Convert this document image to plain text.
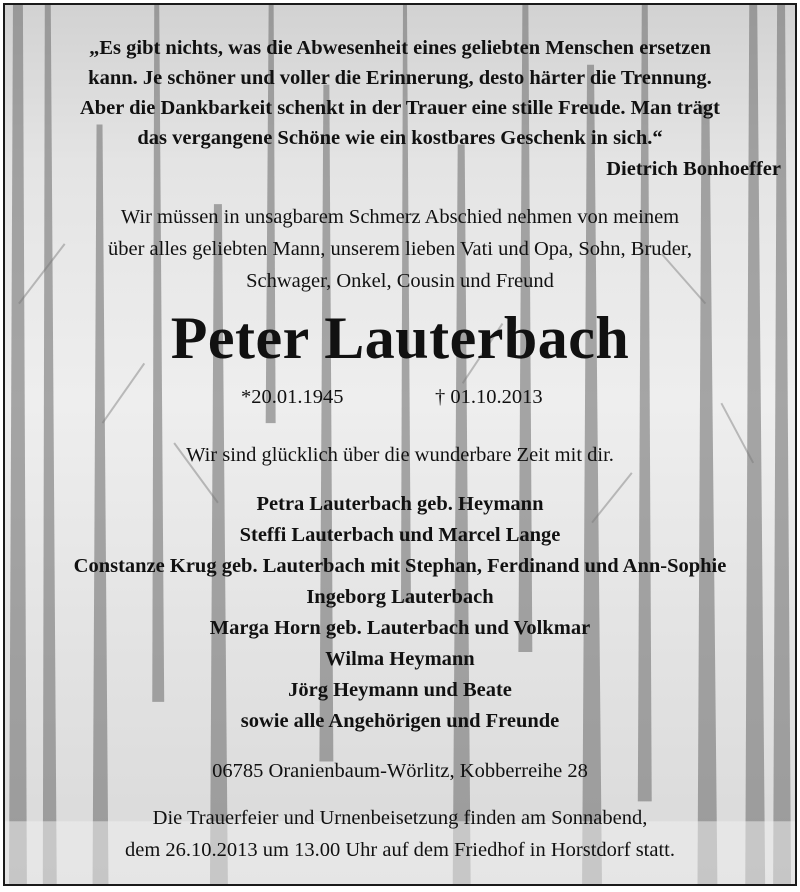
„Es gibt nichts, was die Abwesenheit eines geliebten Menschen ersetzen
kann. Je schöner und voller die Erinnerung, desto härter die Trennung.
Aber die Dankbarkeit schenkt in der Trauer eine stille Freude. Man trägt
das vergangene Schöne wie ein kostbares Geschenk in sich.“
Dietrich Bonhoeffer
Wir müssen in unsagbarem Schmerz Abschied nehmen von meinem
über alles geliebten Mann, unserem lieben Vati und Opa, Sohn, Bruder,
Schwager, Onkel, Cousin und Freund
Peter Lauterbach
*20.01.1945	† 01.10.2013
Wir sind glücklich über die wunderbare Zeit mit dir.
Petra Lauterbach geb. Heymann
Steffi Lauterbach und Marcel Lange
Constanze Krug geb. Lauterbach mit Stephan, Ferdinand und Ann-Sophie
Ingeborg Lauterbach
Marga Horn geb. Lauterbach und Volkmar
Wilma Heymann
Jörg Heymann und Beate
sowie alle Angehörigen und Freunde
06785 Oranienbaum-Wörlitz, Kobberreihe 28
Die Trauerfeier und Urnenbeisetzung finden am Sonnabend,
dem 26.10.2013 um 13.00 Uhr auf dem Friedhof in Horstdorf statt.
